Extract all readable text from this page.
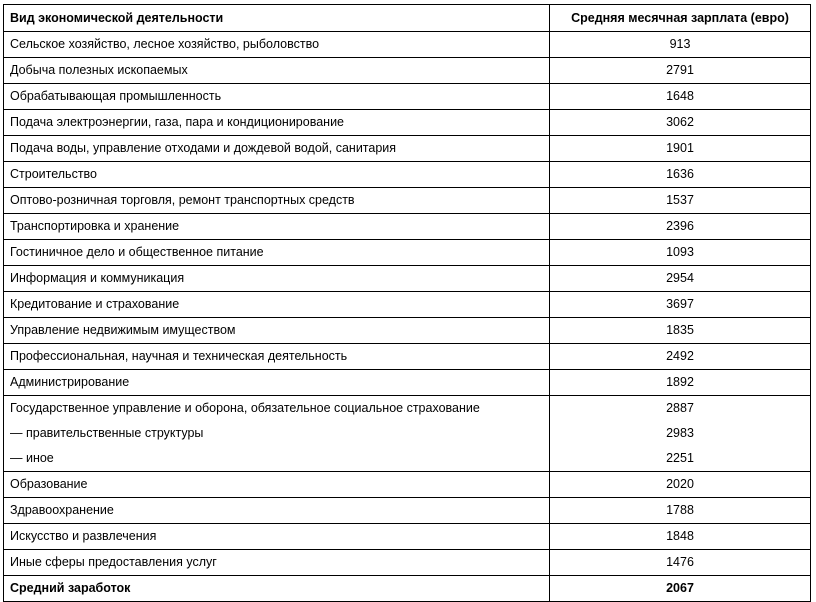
Вид экономической деятельности	Средняя месячная зарплата (евро)
Сельское хозяйство, лесное хозяйство, рыболовство	913
Добыча полезных ископаемых	2791
Обрабатывающая промышленность	1648
Подача электроэнергии, газа, пара и кондиционирование	3062
Подача воды, управление отходами и дождевой водой, санитария	1901
Строительство	1636
Оптово-розничная торговля, ремонт транспортных средств	1537
Транспортировка и хранение	2396
Гостиничное дело и общественное питание	1093
Информация и коммуникация	2954
Кредитование и страхование	3697
Управление недвижимым имуществом	1835
Профессиональная, научная и техническая деятельность	2492
Администрирование	1892
Государственное управление и оборона, обязательное социальное страхование	2887
— правительственные структуры	2983
— иное	2251
Образование	2020
Здравоохранение	1788
Искусство и развлечения	1848
Иные сферы предоставления услуг	1476
Средний заработок	2067
